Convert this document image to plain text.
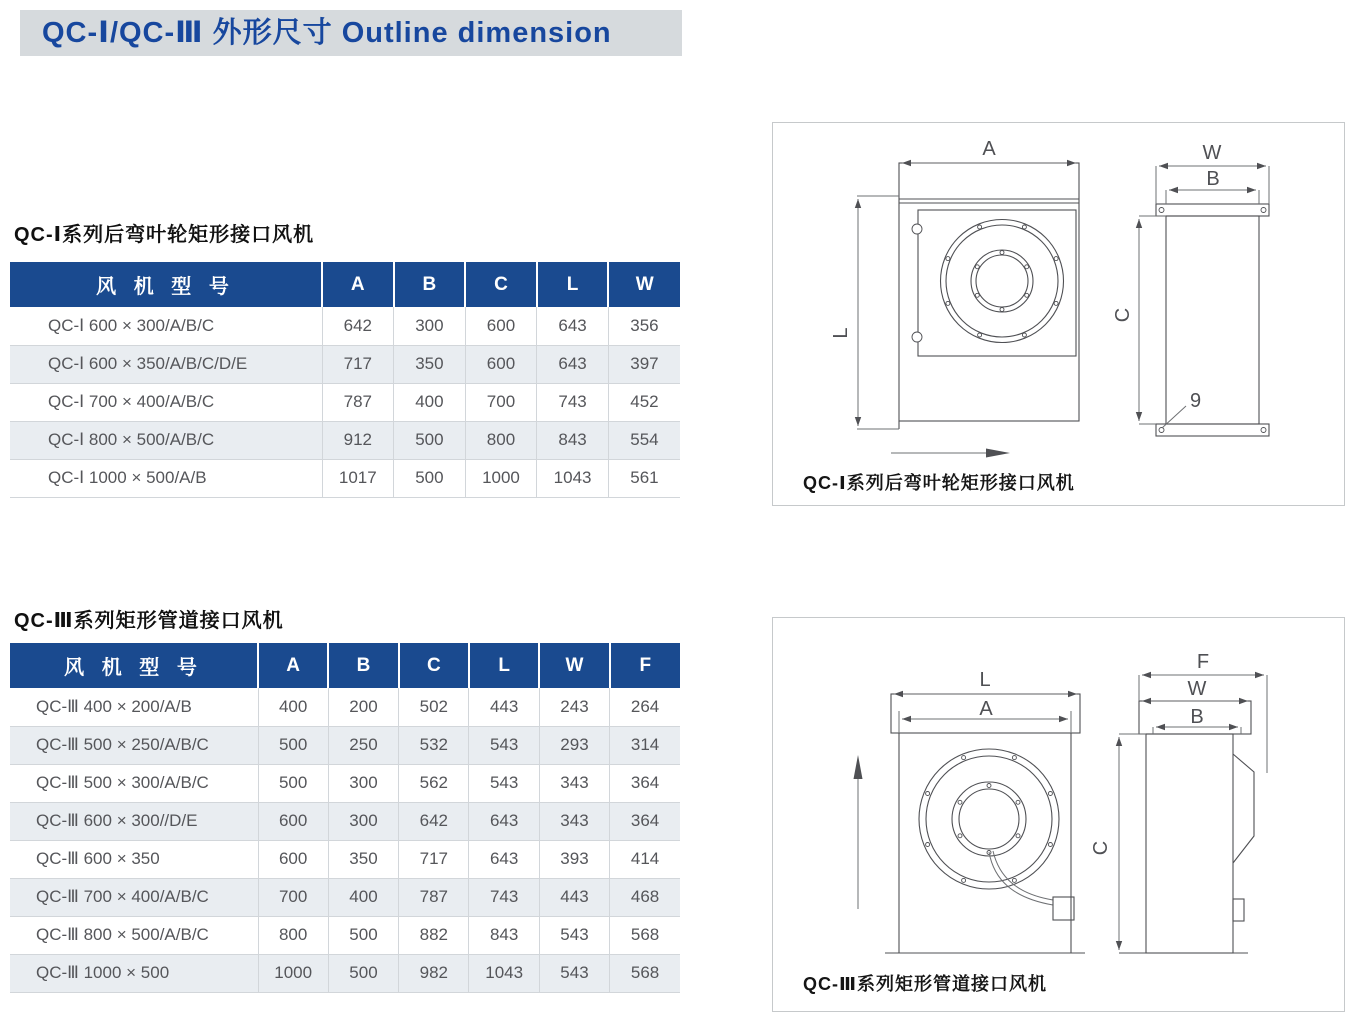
QC-Ⅰ/QC-Ⅲ 外形尺寸 Outline dimension
QC-Ⅰ系列后弯叶轮矩形接口风机
风 机 型 号	A	B	C	L	W
QC-Ⅰ 600 × 300/A/B/C	642	300	600	643	356
QC-Ⅰ 600 × 350/A/B/C/D/E	717	350	600	643	397
QC-Ⅰ 700 × 400/A/B/C	787	400	700	743	452
QC-Ⅰ 800 × 500/A/B/C	912	500	800	843	554
QC-Ⅰ 1000 × 500/A/B	1017	500	1000	1043	561
QC-Ⅲ系列矩形管道接口风机
风 机 型 号	A	B	C	L	W	F
QC-Ⅲ 400 × 200/A/B	400	200	502	443	243	264
QC-Ⅲ 500 × 250/A/B/C	500	250	532	543	293	314
QC-Ⅲ 500 × 300/A/B/C	500	300	562	543	343	364
QC-Ⅲ 600 × 300//D/E	600	300	642	643	343	364
QC-Ⅲ 600 × 350	600	350	717	643	393	414
QC-Ⅲ 700 × 400/A/B/C	700	400	787	743	443	468
QC-Ⅲ 800 × 500/A/B/C	800	500	882	843	543	568
QC-Ⅲ 1000 × 500	1000	500	982	1043	543	568
A
L
W
B
C
9
QC-Ⅰ系列后弯叶轮矩形接口风机
L
A
F
W
B
C
QC-Ⅲ系列矩形管道接口风机
